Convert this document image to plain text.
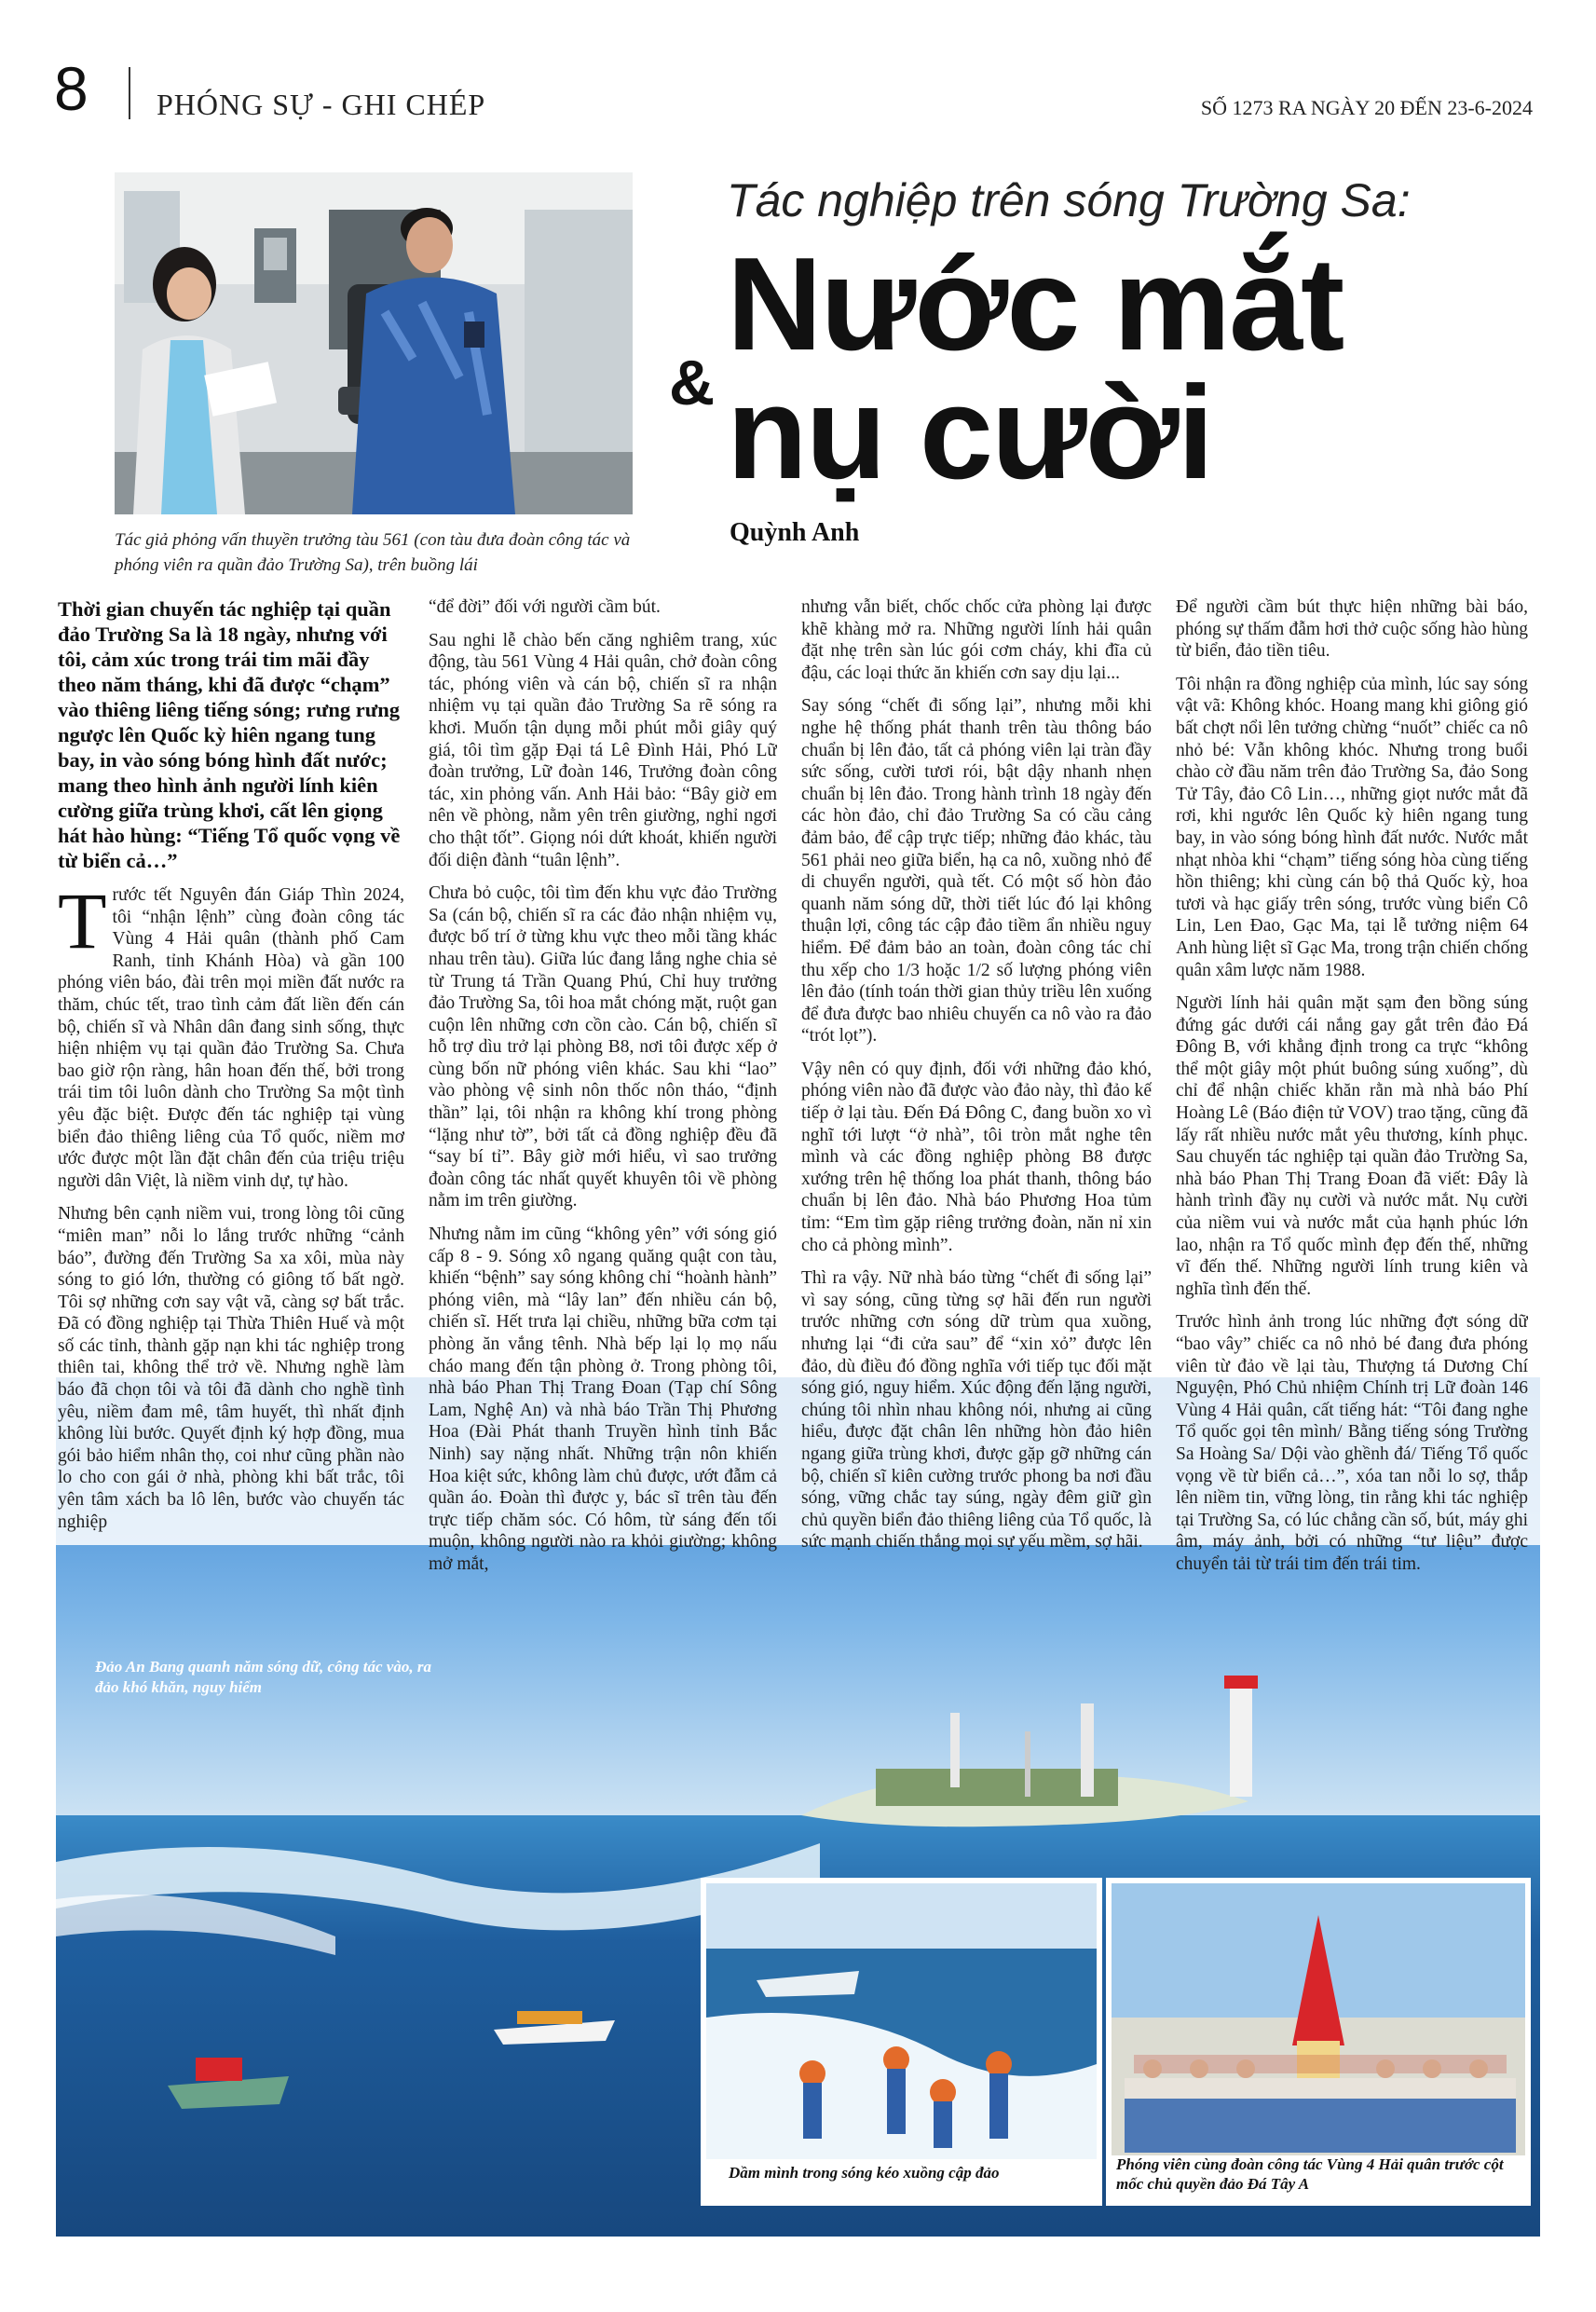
8 PHÓNG SỰ - GHI CHÉP	SỐ 1273 RA NGÀY 20 ĐẾN 23-6-2024
Tác giả phỏng vấn thuyền trưởng tàu 561 (con tàu đưa đoàn công tác và phóng viên ra quần đảo Trường Sa), trên buồng lái
Tác nghiệp trên sóng Trường Sa:
Nước mắt
& nụ cười
Quỳnh Anh
Đảo An Bang quanh năm sóng dữ, công tác vào, ra đảo khó khăn, nguy hiểm
Dầm mình trong sóng kéo xuồng cập đảo	Phóng viên cùng đoàn công tác Vùng 4 Hải quân trước cột mốc chủ quyền đảo Đá Tây A

Thời gian chuyến tác nghiệp tại quần đảo Trường Sa là 18 ngày, nhưng với tôi, cảm xúc trong trái tim mãi đầy theo năm tháng, khi đã được “chạm” vào thiêng liêng tiếng sóng; rưng rưng ngược lên Quốc kỳ hiên ngang tung bay, in vào sóng bóng hình đất nước; mang theo hình ảnh người lính kiên cường giữa trùng khơi, cất lên giọng hát hào hùng: “Tiếng Tổ quốc vọng về từ biển cả…”

Trước tết Nguyên đán Giáp Thìn 2024, tôi “nhận lệnh” cùng đoàn công tác Vùng 4 Hải quân (thành phố Cam Ranh, tỉnh Khánh Hòa) và gần 100 phóng viên báo, đài trên mọi miền đất nước ra thăm, chúc tết, trao tình cảm đất liền đến cán bộ, chiến sĩ và Nhân dân đang sinh sống, thực hiện nhiệm vụ tại quần đảo Trường Sa. Chưa bao giờ rộn ràng, hân hoan đến thế, bởi trong trái tim tôi luôn dành cho Trường Sa một tình yêu đặc biệt. Được đến tác nghiệp tại vùng biển đảo thiêng liêng của Tổ quốc, niềm mơ ước được một lần đặt chân đến của triệu triệu người dân Việt, là niềm vinh dự, tự hào.

Nhưng bên cạnh niềm vui, trong lòng tôi cũng “miên man” nỗi lo lắng trước những “cảnh báo”, đường đến Trường Sa xa xôi, mùa này sóng to gió lớn, thường có giông tố bất ngờ. Tôi sợ những cơn say vật vã, càng sợ bất trắc. Đã có đồng nghiệp tại Thừa Thiên Huế và một số các tỉnh, thành gặp nạn khi tác nghiệp trong thiên tai, không thể trở về. Nhưng nghề làm báo đã chọn tôi và tôi đã dành cho nghề tình yêu, niềm đam mê, tâm huyết, thì nhất định không lùi bước. Quyết định ký hợp đồng, mua gói bảo hiểm nhân thọ, coi như cũng phần nào lo cho con gái ở nhà, phòng khi bất trắc, tôi yên tâm xách ba lô lên, bước vào chuyến tác nghiệp

“để đời” đối với người cầm bút.

Sau nghi lễ chào bến căng nghiêm trang, xúc động, tàu 561 Vùng 4 Hải quân, chở đoàn công tác, phóng viên và cán bộ, chiến sĩ ra nhận nhiệm vụ tại quần đảo Trường Sa rẽ sóng ra khơi. Muốn tận dụng mỗi phút mỗi giây quý giá, tôi tìm gặp Đại tá Lê Đình Hải, Phó Lữ đoàn trưởng, Lữ đoàn 146, Trưởng đoàn công tác, xin phỏng vấn. Anh Hải bảo: “Bây giờ em nên về phòng, nằm yên trên giường, nghỉ ngơi cho thật tốt”. Giọng nói dứt khoát, khiến người đối diện đành “tuân lệnh”.

Chưa bỏ cuộc, tôi tìm đến khu vực đảo Trường Sa (cán bộ, chiến sĩ ra các đảo nhận nhiệm vụ, được bố trí ở từng khu vực theo mỗi tầng khác nhau trên tàu). Giữa lúc đang lắng nghe chia sẻ từ Trung tá Trần Quang Phú, Chỉ huy trưởng đảo Trường Sa, tôi hoa mắt chóng mặt, ruột gan cuộn lên những cơn cồn cào. Cán bộ, chiến sĩ hỗ trợ dìu trở lại phòng B8, nơi tôi được xếp ở cùng bốn nữ phóng viên khác. Sau khi “lao” vào phòng vệ sinh nôn thốc nôn tháo, “định thần” lại, tôi nhận ra không khí trong phòng “lặng như tờ”, bởi tất cả đồng nghiệp đều đã “say bí tỉ”. Bây giờ mới hiểu, vì sao trưởng đoàn công tác nhất quyết khuyên tôi về phòng nằm im trên giường.

Nhưng nằm im cũng “không yên” với sóng gió cấp 8 - 9. Sóng xô ngang quăng quật con tàu, khiến “bệnh” say sóng không chỉ “hoành hành” phóng viên, mà “lây lan” đến nhiều cán bộ, chiến sĩ. Hết trưa lại chiều, những bữa cơm tại phòng ăn vắng tênh. Nhà bếp lại lọ mọ nấu cháo mang đến tận phòng ở. Trong phòng tôi, nhà báo Phan Thị Trang Đoan (Tạp chí Sông Lam, Nghệ An) và nhà báo Trần Thị Phương Hoa (Đài Phát thanh Truyền hình tỉnh Bắc Ninh) say nặng nhất. Những trận nôn khiến Hoa kiệt sức, không làm chủ được, ướt đẫm cả quần áo. Đoàn thì được y, bác sĩ trên tàu đến trực tiếp chăm sóc. Có hôm, từ sáng đến tối muộn, không người nào ra khỏi giường; không mở mắt,

nhưng vẫn biết, chốc chốc cửa phòng lại được khẽ khàng mở ra. Những người lính hải quân đặt nhẹ trên sàn lúc gói cơm cháy, khi đĩa củ đậu, các loại thức ăn khiến cơn say dịu lại...

Say sóng “chết đi sống lại”, nhưng mỗi khi nghe hệ thống phát thanh trên tàu thông báo chuẩn bị lên đảo, tất cả phóng viên lại tràn đầy sức sống, cười tươi rói, bật dậy nhanh nhẹn chuẩn bị lên đảo. Trong hành trình 18 ngày đến các hòn đảo, chỉ đảo Trường Sa có cầu cảng đảm bảo, để cập trực tiếp; những đảo khác, tàu 561 phải neo giữa biển, hạ ca nô, xuồng nhỏ để di chuyển người, quà tết. Có một số hòn đảo quanh năm sóng dữ, thời tiết lúc đó lại không thuận lợi, công tác cập đảo tiềm ẩn nhiều nguy hiểm. Để đảm bảo an toàn, đoàn công tác chỉ thu xếp cho 1/3 hoặc 1/2 số lượng phóng viên lên đảo (tính toán thời gian thủy triều lên xuống để đưa được bao nhiêu chuyến ca nô vào ra đảo “trót lọt”).

Vậy nên có quy định, đối với những đảo khó, phóng viên nào đã được vào đảo này, thì đảo kế tiếp ở lại tàu. Đến Đá Đông C, đang buồn xo vì nghĩ tới lượt “ở nhà”, tôi tròn mắt nghe tên mình và các đồng nghiệp phòng B8 được xướng trên hệ thống loa phát thanh, thông báo chuẩn bị lên đảo. Nhà báo Phương Hoa tủm tỉm: “Em tìm gặp riêng trưởng đoàn, năn nỉ xin cho cả phòng mình”.

Thì ra vậy. Nữ nhà báo từng “chết đi sống lại” vì say sóng, cũng từng sợ hãi đến run người trước những cơn sóng dữ trùm qua xuồng, nhưng lại “đi cửa sau” để “xin xỏ” được lên đảo, dù điều đó đồng nghĩa với tiếp tục đối mặt sóng gió, nguy hiểm. Xúc động đến lặng người, chúng tôi nhìn nhau không nói, nhưng ai cũng hiểu, được đặt chân lên những hòn đảo hiên ngang giữa trùng khơi, được gặp gỡ những cán bộ, chiến sĩ kiên cường trước phong ba nơi đầu sóng, vững chắc tay súng, ngày đêm giữ gìn chủ quyền biển đảo thiêng liêng của Tổ quốc, là sức mạnh chiến thắng mọi sự yếu mềm, sợ hãi.

Để người cầm bút thực hiện những bài báo, phóng sự thấm đẫm hơi thở cuộc sống hào hùng từ biển, đảo tiền tiêu.

Tôi nhận ra đồng nghiệp của mình, lúc say sóng vật vã: Không khóc. Hoang mang khi giông gió bất chợt nổi lên tưởng chừng “nuốt” chiếc ca nô nhỏ bé: Vẫn không khóc. Nhưng trong buổi chào cờ đầu năm trên đảo Trường Sa, đảo Song Tử Tây, đảo Cô Lin…, những giọt nước mắt đã rơi, khi ngước lên Quốc kỳ hiên ngang tung bay, in vào sóng bóng hình đất nước. Nước mắt nhạt nhòa khi “chạm” tiếng sóng hòa cùng tiếng hồn thiêng; khi cùng cán bộ thả Quốc kỳ, hoa tươi và hạc giấy trên sóng, trước vùng biển Cô Lin, Len Đao, Gạc Ma, tại lễ tưởng niệm 64 Anh hùng liệt sĩ Gạc Ma, trong trận chiến chống quân xâm lược năm 1988.

Người lính hải quân mặt sạm đen bồng súng đứng gác dưới cái nắng gay gắt trên đảo Đá Đông B, với khẳng định trong ca trực “không thể một giây một phút buông súng xuống”, dù chỉ để nhận chiếc khăn rằn mà nhà báo Phí Hoàng Lê (Báo điện tử VOV) trao tặng, cũng đã lấy rất nhiều nước mắt yêu thương, kính phục. Sau chuyến tác nghiệp tại quần đảo Trường Sa, nhà báo Phan Thị Trang Đoan đã viết: Đây là hành trình đầy nụ cười và nước mắt. Nụ cười của niềm vui và nước mắt của hạnh phúc lớn lao, nhận ra Tổ quốc mình đẹp đến thế, những vĩ đến thế. Những người lính trung kiên và nghĩa tình đến thế.

Trước hình ảnh trong lúc những đợt sóng dữ “bao vây” chiếc ca nô nhỏ bé đang đưa phóng viên từ đảo về lại tàu, Thượng tá Dương Chí Nguyện, Phó Chủ nhiệm Chính trị Lữ đoàn 146 Vùng 4 Hải quân, cất tiếng hát: “Tôi đang nghe Tổ quốc gọi tên mình/ Bằng tiếng sóng Trường Sa Hoàng Sa/ Dội vào ghềnh đá/ Tiếng Tổ quốc vọng về từ biển cả…”, xóa tan nỗi lo sợ, thắp lên niềm tin, vững lòng, tin rằng khi tác nghiệp tại Trường Sa, có lúc chẳng cần số, bút, máy ghi âm, máy ảnh, bởi có những “tư liệu” được chuyển tải từ trái tim đến trái tim.
